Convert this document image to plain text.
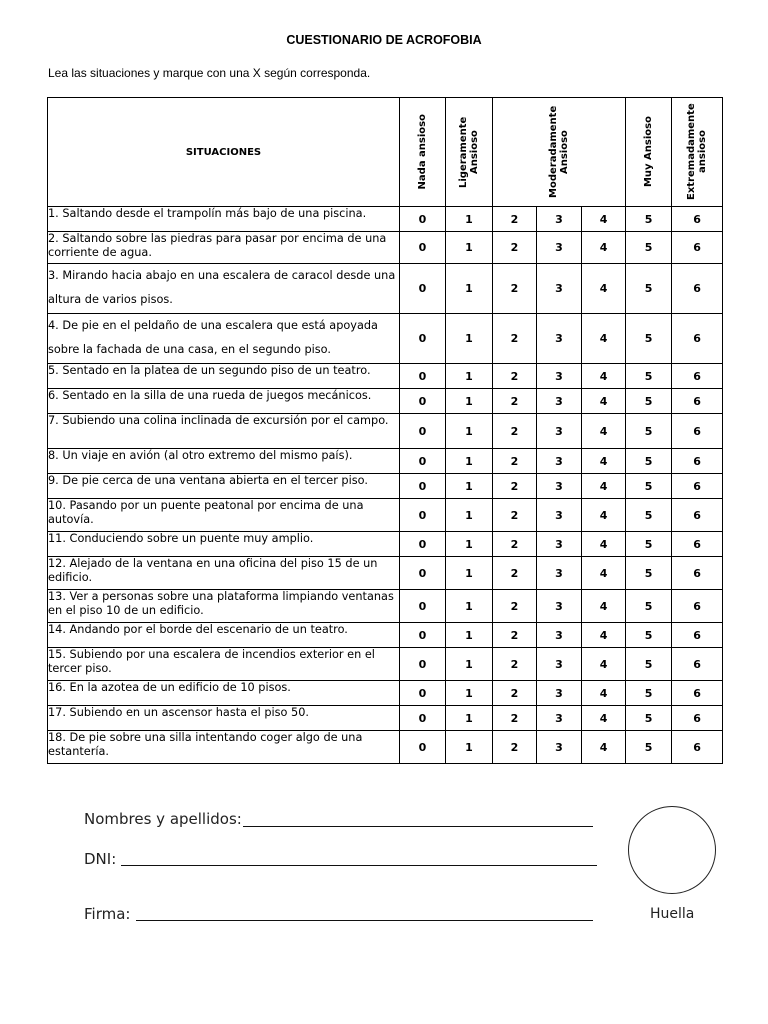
CUESTIONARIO DE ACROFOBIA
Lea las situaciones y marque con una X según corresponda.
SITUACIONES	Nada ansioso	Ligeramente Ansioso	Moderadamente Ansioso			Muy Ansioso	Extremadamente ansioso

1. Saltando desde el trampolín más bajo de una piscina.	0	1	2	3	4	5	6
2. Saltando sobre las piedras para pasar por encima de una corriente de agua.	0	1	2	3	4	5	6
3. Mirando hacia abajo en una escalera de caracol desde una altura de varios pisos.	0	1	2	3	4	5	6
4. De pie en el peldaño de una escalera que está apoyada sobre la fachada de una casa, en el segundo piso.	0	1	2	3	4	5	6
5. Sentado en la platea de un segundo piso de un teatro.	0	1	2	3	4	5	6
6. Sentado en la silla de una rueda de juegos mecánicos.	0	1	2	3	4	5	6
7. Subiendo una colina inclinada de excursión por el campo.	0	1	2	3	4	5	6
8. Un viaje en avión (al otro extremo del mismo país).	0	1	2	3	4	5	6
9. De pie cerca de una ventana abierta en el tercer piso.	0	1	2	3	4	5	6
10. Pasando por un puente peatonal por encima de una autovía.	0	1	2	3	4	5	6
11. Conduciendo sobre un puente muy amplio.	0	1	2	3	4	5	6
12. Alejado de la ventana en una oficina del piso 15 de un edificio.	0	1	2	3	4	5	6
13. Ver a personas sobre una plataforma limpiando ventanas en el piso 10 de un edificio.	0	1	2	3	4	5	6
14. Andando por el borde del escenario de un teatro.	0	1	2	3	4	5	6
15. Subiendo por una escalera de incendios exterior en el tercer piso.	0	1	2	3	4	5	6
16. En la azotea de un edificio de 10 pisos.	0	1	2	3	4	5	6
17. Subiendo en un ascensor hasta el piso 50.	0	1	2	3	4	5	6
18. De pie sobre una silla intentando coger algo de una estantería.	0	1	2	3	4	5	6
Nombres y apellidos:
DNI:
Firma:	Huella
